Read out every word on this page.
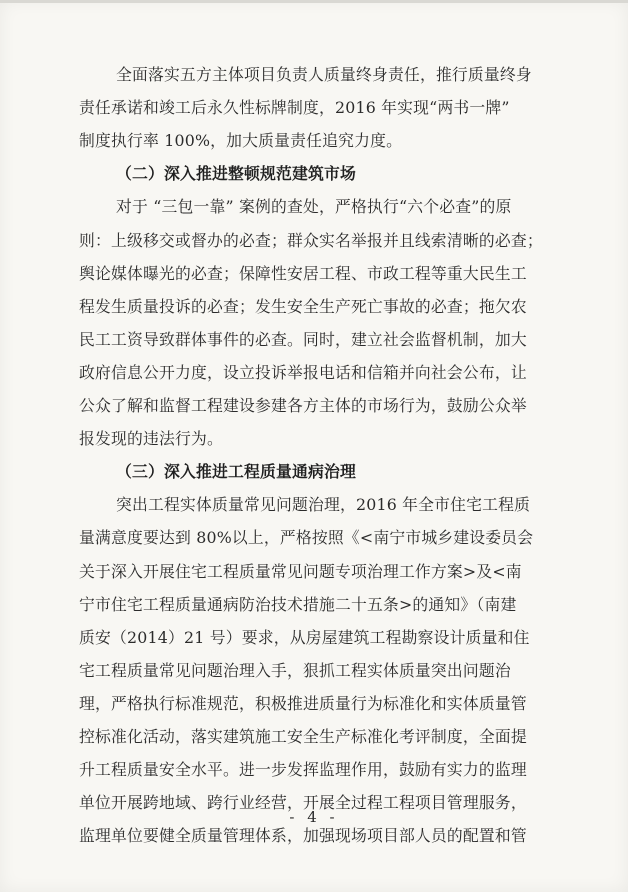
全面落实五方主体项目负责人质量终身责任，推行质量终身
责任承诺和竣工后永久性标牌制度，2016 年实现“两书一牌”
制度执行率 100%，加大质量责任追究力度。
（二）深入推进整顿规范建筑市场
对于 “三包一靠” 案例的查处，严格执行“六个必查”的原
则：上级移交或督办的必查；群众实名举报并且线索清晰的必查；
舆论媒体曝光的必查；保障性安居工程、市政工程等重大民生工
程发生质量投诉的必查；发生安全生产死亡事故的必查；拖欠农
民工工资导致群体事件的必查。同时，建立社会监督机制，加大
政府信息公开力度，设立投诉举报电话和信箱并向社会公布，让
公众了解和监督工程建设参建各方主体的市场行为，鼓励公众举
报发现的违法行为。
（三）深入推进工程质量通病治理
突出工程实体质量常见问题治理，2016 年全市住宅工程质
量满意度要达到 80%以上，严格按照《<南宁市城乡建设委员会
关于深入开展住宅工程质量常见问题专项治理工作方案>及<南
宁市住宅工程质量通病防治技术措施二十五条>的通知》（南建
质安（2014）21 号）要求，从房屋建筑工程勘察设计质量和住
宅工程质量常见问题治理入手，狠抓工程实体质量突出问题治
理，严格执行标准规范，积极推进质量行为标准化和实体质量管
控标准化活动，落实建筑施工安全生产标准化考评制度，全面提
升工程质量安全水平。进一步发挥监理作用，鼓励有实力的监理
单位开展跨地域、跨行业经营，开展全过程工程项目管理服务，
监理单位要健全质量管理体系，加强现场项目部人员的配置和管
- 4 -
